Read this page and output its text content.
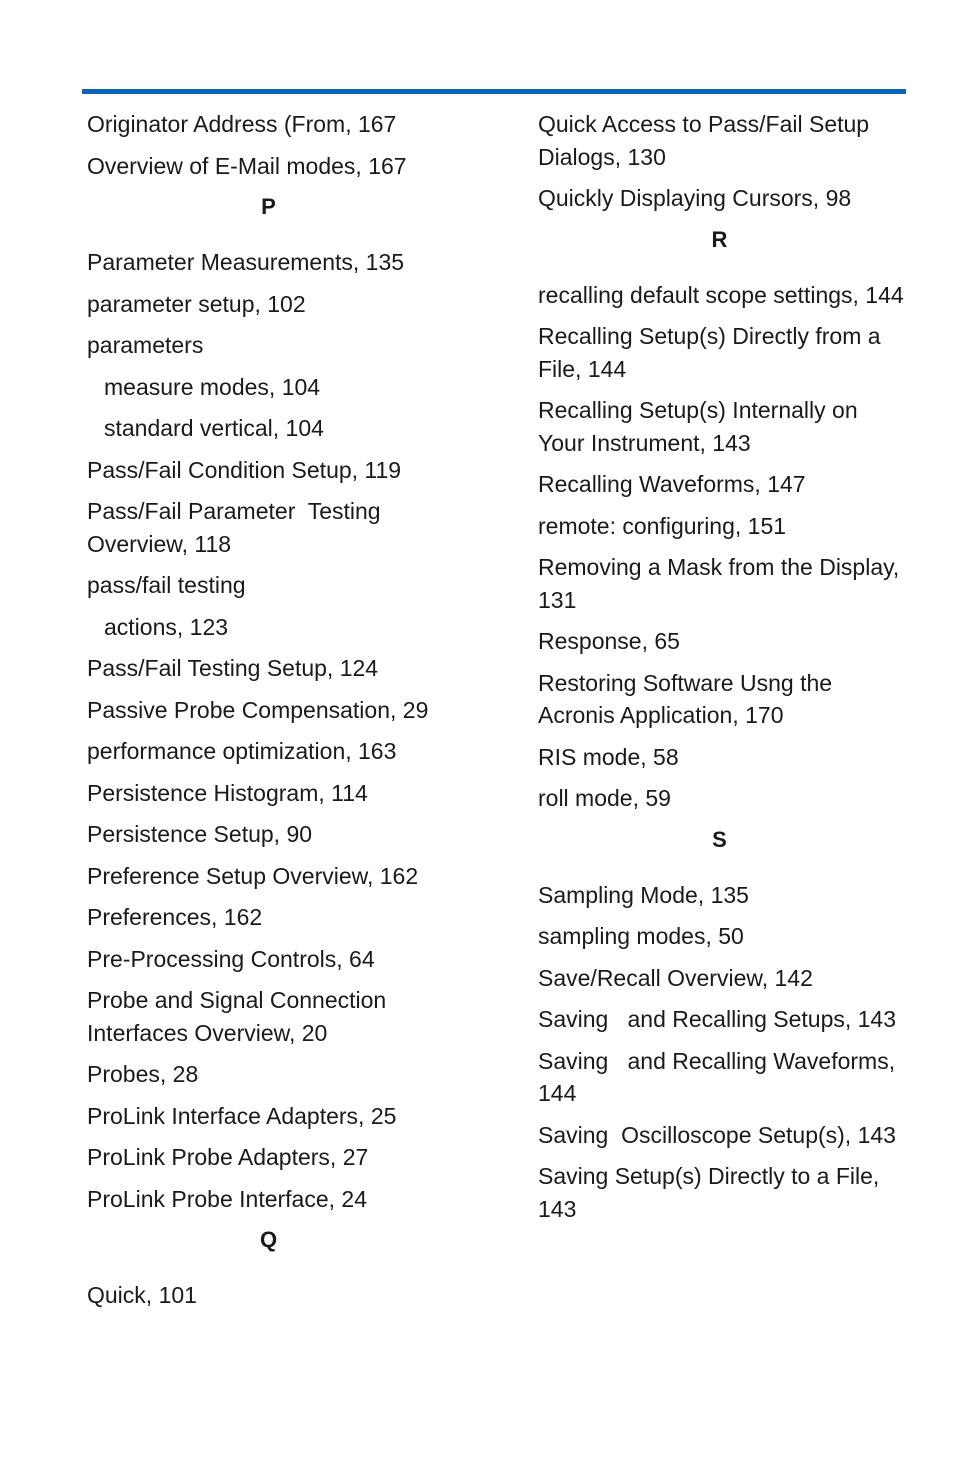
Originator Address (From, 167
Overview of E-Mail modes, 167
P
Parameter Measurements, 135
parameter setup, 102
parameters
measure modes, 104
standard vertical, 104
Pass/Fail Condition Setup, 119
Pass/Fail Parameter  Testing Overview, 118
pass/fail testing
actions, 123
Pass/Fail Testing Setup, 124
Passive Probe Compensation, 29
performance optimization, 163
Persistence Histogram, 114
Persistence Setup, 90
Preference Setup Overview, 162
Preferences, 162
Pre-Processing Controls, 64
Probe and Signal Connection Interfaces Overview, 20
Probes, 28
ProLink Interface Adapters, 25
ProLink Probe Adapters, 27
ProLink Probe Interface, 24
Q
Quick, 101
Quick Access to Pass/Fail Setup Dialogs, 130
Quickly Displaying Cursors, 98
R
recalling default scope settings, 144
Recalling Setup(s) Directly from a File, 144
Recalling Setup(s) Internally on Your Instrument, 143
Recalling Waveforms, 147
remote: configuring, 151
Removing a Mask from the Display, 131
Response, 65
Restoring Software Usng the Acronis Application, 170
RIS mode, 58
roll mode, 59
S
Sampling Mode, 135
sampling modes, 50
Save/Recall Overview, 142
Saving   and Recalling Setups, 143
Saving   and Recalling Waveforms, 144
Saving  Oscilloscope Setup(s), 143
Saving Setup(s) Directly to a File, 143
